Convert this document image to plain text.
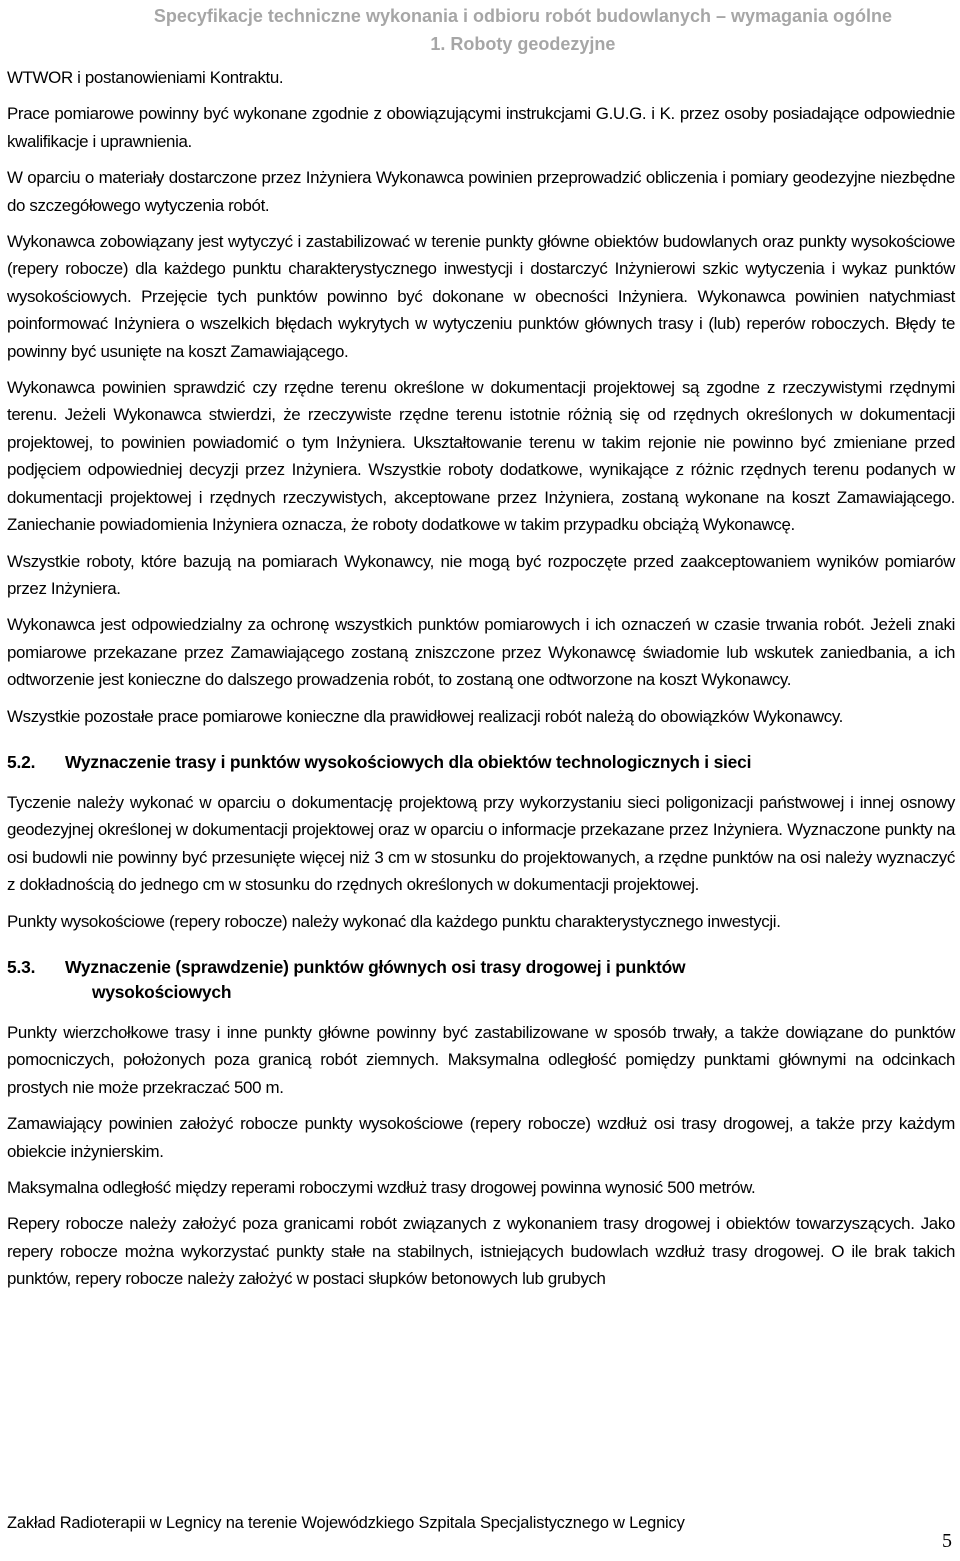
Specyfikacje techniczne wykonania i odbioru robót budowlanych – wymagania ogólne
1. Roboty geodezyjne

WTWOR i postanowieniami Kontraktu.

Prace pomiarowe powinny być wykonane zgodnie z obowiązującymi instrukcjami G.U.G. i K. przez osoby posiadające odpowiednie kwalifikacje i uprawnienia.

W oparciu o materiały dostarczone przez Inżyniera Wykonawca powinien przeprowadzić obliczenia i pomiary geodezyjne niezbędne do szczegółowego wytyczenia robót.

Wykonawca zobowiązany jest wytyczyć i zastabilizować w terenie punkty główne obiektów budowlanych oraz punkty wysokościowe (repery robocze) dla każdego punktu charakterystycznego inwestycji i dostarczyć Inżynierowi szkic wytyczenia i wykaz punktów wysokościowych. Przejęcie tych punktów powinno być dokonane w obecności Inżyniera. Wykonawca powinien natychmiast poinformować Inżyniera o wszelkich błędach wykrytych w wytyczeniu punktów głównych trasy i (lub) reperów roboczych. Błędy te powinny być usunięte na koszt Zamawiającego.

Wykonawca powinien sprawdzić czy rzędne terenu określone w dokumentacji projektowej są zgodne z rzeczywistymi rzędnymi terenu. Jeżeli Wykonawca stwierdzi, że rzeczywiste rzędne terenu istotnie różnią się od rzędnych określonych w dokumentacji projektowej, to powinien powiadomić o tym Inżyniera. Ukształtowanie terenu w takim rejonie nie powinno być zmieniane przed podjęciem odpowiedniej decyzji przez Inżyniera. Wszystkie roboty dodatkowe, wynikające z różnic rzędnych terenu podanych w dokumentacji projektowej i rzędnych rzeczywistych, akceptowane przez Inżyniera, zostaną wykonane na koszt Zamawiającego. Zaniechanie powiadomienia Inżyniera oznacza, że roboty dodatkowe w takim przypadku obciążą Wykonawcę.

Wszystkie roboty, które bazują na pomiarach Wykonawcy, nie mogą być rozpoczęte przed zaakceptowaniem wyników pomiarów przez Inżyniera.

Wykonawca jest odpowiedzialny za ochronę wszystkich punktów pomiarowych i ich oznaczeń w czasie trwania robót. Jeżeli znaki pomiarowe przekazane przez Zamawiającego zostaną zniszczone przez Wykonawcę świadomie lub wskutek zaniedbania, a ich odtworzenie jest konieczne do dalszego prowadzenia robót, to zostaną one odtworzone na koszt Wykonawcy.

Wszystkie pozostałe prace pomiarowe konieczne dla prawidłowej realizacji robót należą do obowiązków Wykonawcy.

5.2.	Wyznaczenie trasy i punktów wysokościowych dla obiektów technologicznych i sieci

Tyczenie należy wykonać w oparciu o dokumentację projektową przy wykorzystaniu sieci poligonizacji państwowej i innej osnowy geodezyjnej określonej w dokumentacji projektowej oraz w oparciu o informacje przekazane przez Inżyniera. Wyznaczone punkty na osi budowli nie powinny być przesunięte więcej niż 3 cm w stosunku do projektowanych, a rzędne punktów na osi należy wyznaczyć z dokładnością do jednego cm w stosunku do rzędnych określonych w dokumentacji projektowej.

Punkty wysokościowe (repery robocze) należy wykonać dla każdego punktu charakterystycznego inwestycji.

5.3.	Wyznaczenie (sprawdzenie) punktów głównych osi trasy drogowej i punktów
wysokościowych

Punkty wierzchołkowe trasy i inne punkty główne powinny być zastabilizowane w sposób trwały, a także dowiązane do punktów pomocniczych, położonych poza granicą robót ziemnych. Maksymalna odległość pomiędzy punktami głównymi na odcinkach prostych nie może przekraczać 500 m.

Zamawiający powinien założyć robocze punkty wysokościowe (repery robocze) wzdłuż osi trasy drogowej, a także przy każdym obiekcie inżynierskim.

Maksymalna odległość między reperami roboczymi wzdłuż trasy drogowej powinna wynosić 500 metrów.

Repery robocze należy założyć poza granicami robót związanych z wykonaniem trasy drogowej i obiektów towarzyszących. Jako repery robocze można wykorzystać punkty stałe na stabilnych, istniejących budowlach wzdłuż trasy drogowej. O ile brak takich punktów, repery robocze należy założyć w postaci słupków betonowych lub grubych

Zakład Radioterapii w Legnicy na terenie Wojewódzkiego Szpitala Specjalistycznego w Legnicy
5
